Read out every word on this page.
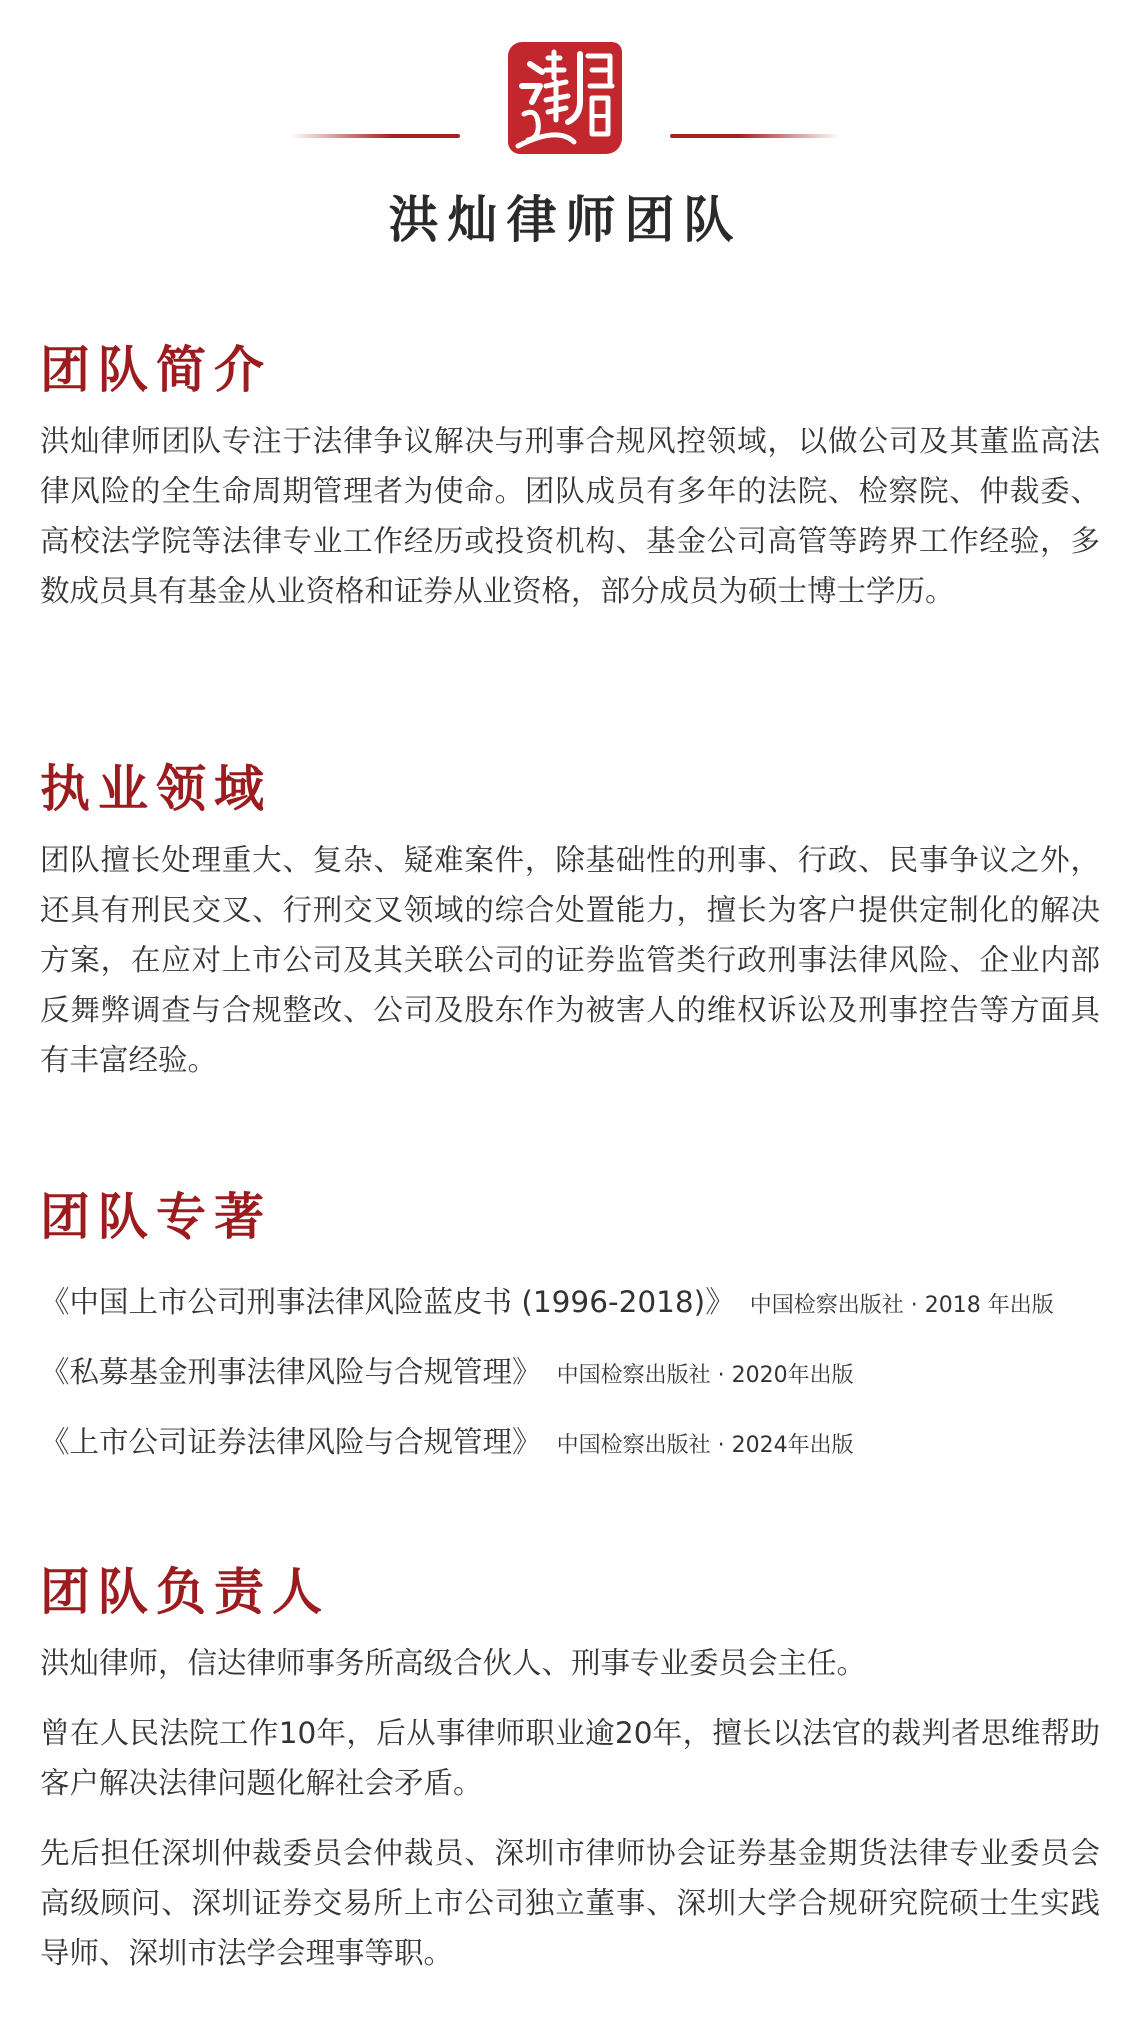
洪灿律师团队
团队简介

洪灿律师团队专注于法律争议解决与刑事合规风控领域，以做公司及其董监高法律风险的全生命周期管理者为使命。团队成员有多年的法院、检察院、仲裁委、高校法学院等法律专业工作经历或投资机构、基金公司高管等跨界工作经验，多数成员具有基金从业资格和证券从业资格，部分成员为硕士博士学历。

执业领域

团队擅长处理重大、复杂、疑难案件，除基础性的刑事、行政、民事争议之外，还具有刑民交叉、行刑交叉领域的综合处置能力，擅长为客户提供定制化的解决方案，在应对上市公司及其关联公司的证券监管类行政刑事法律风险、企业内部反舞弊调查与合规整改、公司及股东作为被害人的维权诉讼及刑事控告等方面具有丰富经验。

团队专著

《中国上市公司刑事法律风险蓝皮书 (1996-2018)》 中国检察出版社 · 2018 年出版

《私募基金刑事法律风险与合规管理》 中国检察出版社 · 2020年出版

《上市公司证券法律风险与合规管理》 中国检察出版社 · 2024年出版

团队负责人

洪灿律师，信达律师事务所高级合伙人、刑事专业委员会主任。

曾在人民法院工作10年，后从事律师职业逾20年，擅长以法官的裁判者思维帮助客户解决法律问题化解社会矛盾。

先后担任深圳仲裁委员会仲裁员、深圳市律师协会证券基金期货法律专业委员会高级顾问、深圳证券交易所上市公司独立董事、深圳大学合规研究院硕士生实践导师、深圳市法学会理事等职。
